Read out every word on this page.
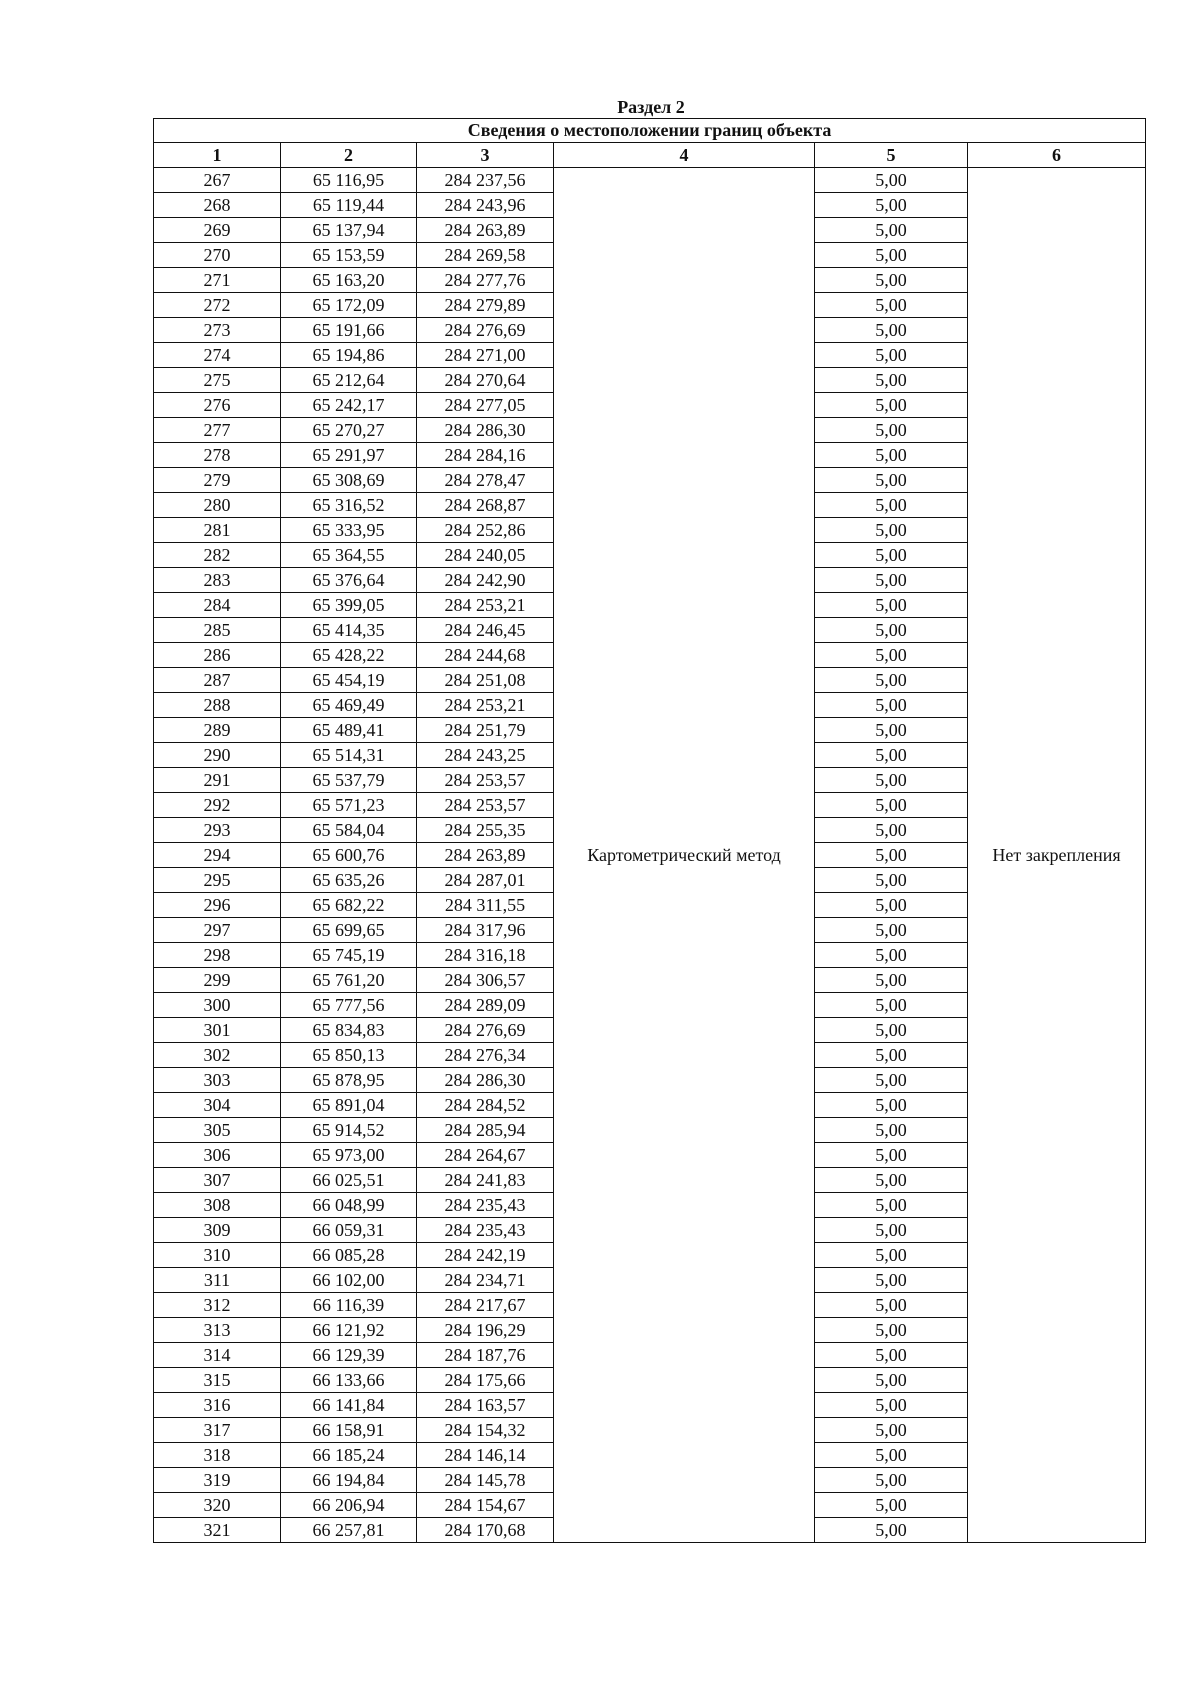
Раздел 2
Сведения о местоположении границ объекта					
1	2	3	4	5	6
267	65 116,95	284 237,56	Картометрический метод	5,00	Нет закрепления
268	65 119,44	284 243,96		5,00	
269	65 137,94	284 263,89		5,00	
270	65 153,59	284 269,58		5,00	
271	65 163,20	284 277,76		5,00	
272	65 172,09	284 279,89		5,00	
273	65 191,66	284 276,69		5,00	
274	65 194,86	284 271,00		5,00	
275	65 212,64	284 270,64		5,00	
276	65 242,17	284 277,05		5,00	
277	65 270,27	284 286,30		5,00	
278	65 291,97	284 284,16		5,00	
279	65 308,69	284 278,47		5,00	
280	65 316,52	284 268,87		5,00	
281	65 333,95	284 252,86		5,00	
282	65 364,55	284 240,05		5,00	
283	65 376,64	284 242,90		5,00	
284	65 399,05	284 253,21		5,00	
285	65 414,35	284 246,45		5,00	
286	65 428,22	284 244,68		5,00	
287	65 454,19	284 251,08		5,00	
288	65 469,49	284 253,21		5,00	
289	65 489,41	284 251,79		5,00	
290	65 514,31	284 243,25		5,00	
291	65 537,79	284 253,57		5,00	
292	65 571,23	284 253,57		5,00	
293	65 584,04	284 255,35		5,00	
294	65 600,76	284 263,89		5,00	
295	65 635,26	284 287,01		5,00	
296	65 682,22	284 311,55		5,00	
297	65 699,65	284 317,96		5,00	
298	65 745,19	284 316,18		5,00	
299	65 761,20	284 306,57		5,00	
300	65 777,56	284 289,09		5,00	
301	65 834,83	284 276,69		5,00	
302	65 850,13	284 276,34		5,00	
303	65 878,95	284 286,30		5,00	
304	65 891,04	284 284,52		5,00	
305	65 914,52	284 285,94		5,00	
306	65 973,00	284 264,67		5,00	
307	66 025,51	284 241,83		5,00	
308	66 048,99	284 235,43		5,00	
309	66 059,31	284 235,43		5,00	
310	66 085,28	284 242,19		5,00	
311	66 102,00	284 234,71		5,00	
312	66 116,39	284 217,67		5,00	
313	66 121,92	284 196,29		5,00	
314	66 129,39	284 187,76		5,00	
315	66 133,66	284 175,66		5,00	
316	66 141,84	284 163,57		5,00	
317	66 158,91	284 154,32		5,00	
318	66 185,24	284 146,14		5,00	
319	66 194,84	284 145,78		5,00	
320	66 206,94	284 154,67		5,00	
321	66 257,81	284 170,68		5,00	
